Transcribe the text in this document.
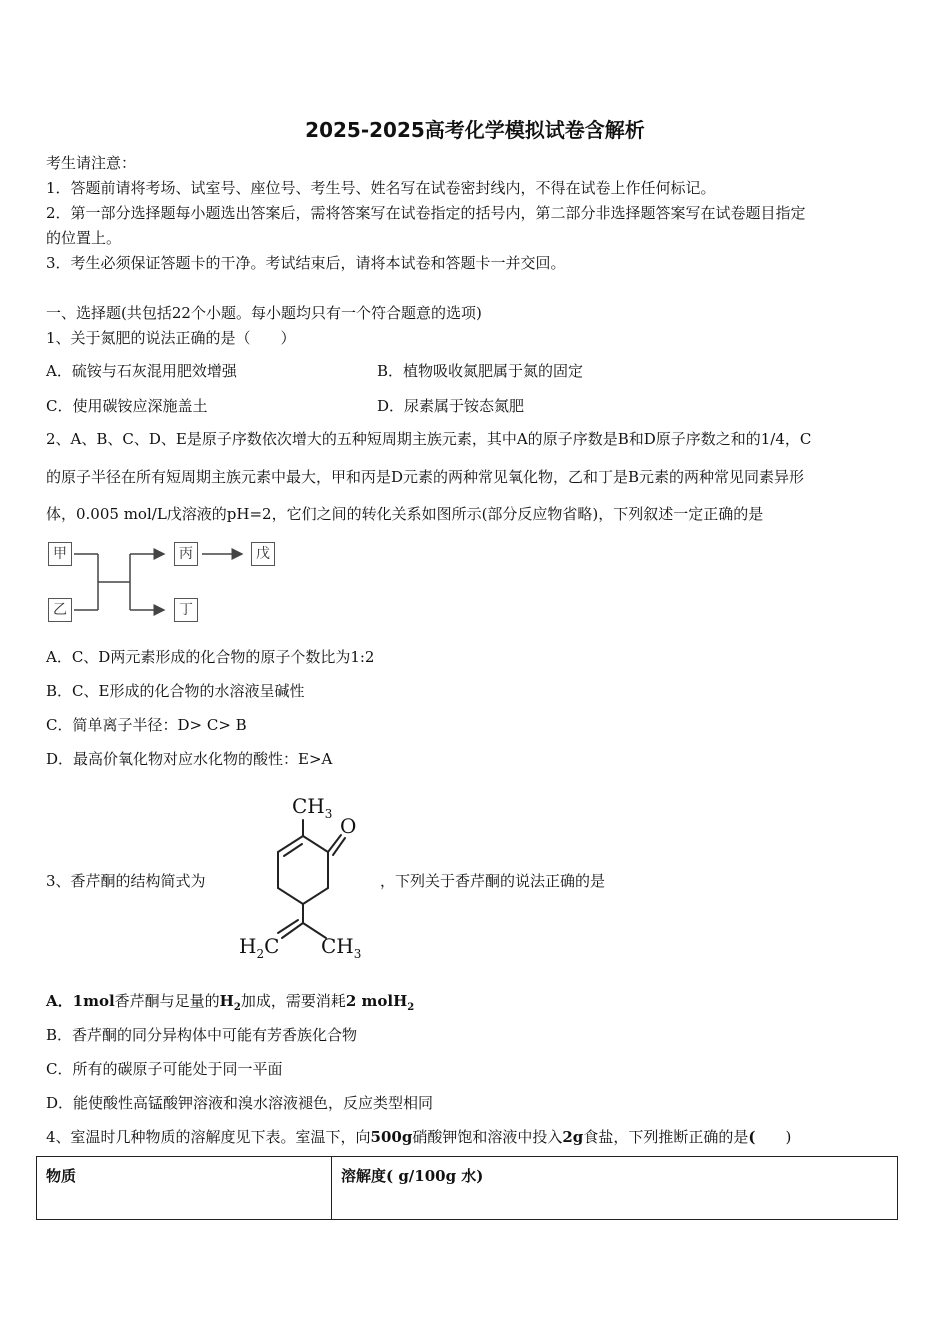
2025-2025高考化学模拟试卷含解析
考生请注意：
1．答题前请将考场、试室号、座位号、考生号、姓名写在试卷密封线内，不得在试卷上作任何标记。
2．第一部分选择题每小题选出答案后，需将答案写在试卷指定的括号内，第二部分非选择题答案写在试卷题目指定
的位置上。
3．考生必须保证答题卡的干净。考试结束后，请将本试卷和答题卡一并交回。
一、选择题(共包括22个小题。每小题均只有一个符合题意的选项)
1、关于氮肥的说法正确的是（　　）
A．硫铵与石灰混用肥效增强	B．植物吸收氮肥属于氮的固定
C．使用碳铵应深施盖土	D．尿素属于铵态氮肥
2、A、B、C、D、E是原子序数依次增大的五种短周期主族元素，其中A的原子序数是B和D原子序数之和的1/4，C
的原子半径在所有短周期主族元素中最大，甲和丙是D元素的两种常见氧化物，乙和丁是B元素的两种常见同素异形
体，0.005 mol/L戊溶液的pH=2，它们之间的转化关系如图所示(部分反应物省略)，下列叙述一定正确的是
甲
乙
丙	戊
丁
A．C、D两元素形成的化合物的原子个数比为1:2
B．C、E形成的化合物的水溶液呈碱性
C．简单离子半径：D> C> B
D．最高价氧化物对应水化物的酸性：E>A
3、香芹酮的结构简式为	，下列关于香芹酮的说法正确的是
$CH_3$ O
$H_2C$ $CH_3$
A．1mol香芹酮与足量的$H_2$加成，需要消耗2 molH$_2$
B．香芹酮的同分异构体中可能有芳香族化合物
C．所有的碳原子可能处于同一平面
D．能使酸性高锰酸钾溶液和溴水溶液褪色，反应类型相同
4、室温时几种物质的溶解度见下表。室温下，向500g硝酸钾饱和溶液中投入2g食盐，下列推断正确的是(　　)
物质	溶解度( g/100g 水)
